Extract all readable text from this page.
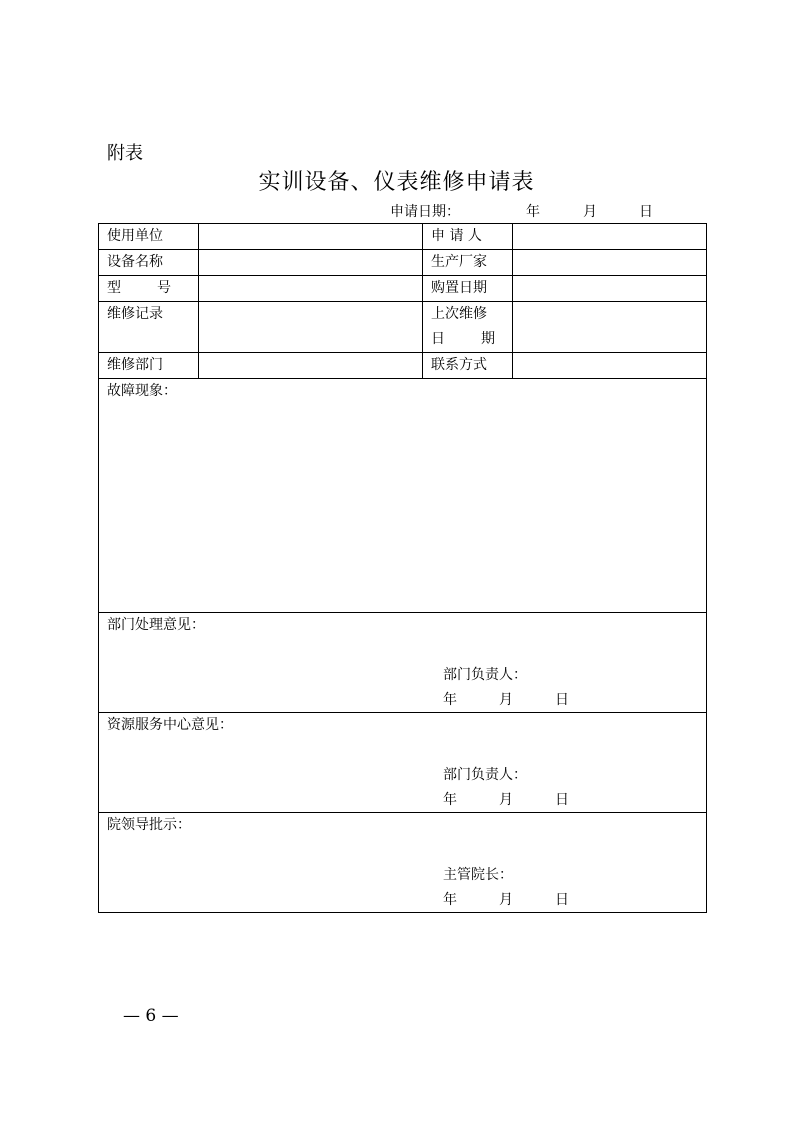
附表
实训设备、仪表维修申请表
申请日期：	年	月	日
使用单位		申 请 人	
设备名称		生产厂家	

型 号		购置日期	
维修记录		上次维修
日 期	

维修部门		联系方式	

故障现象：			

部门处理意见：
部门负责人：
年 月 日			

资源服务中心意见：
部门负责人：
年 月 日			

院领导批示：
主管院长：
年 月 日			
— 6 —
